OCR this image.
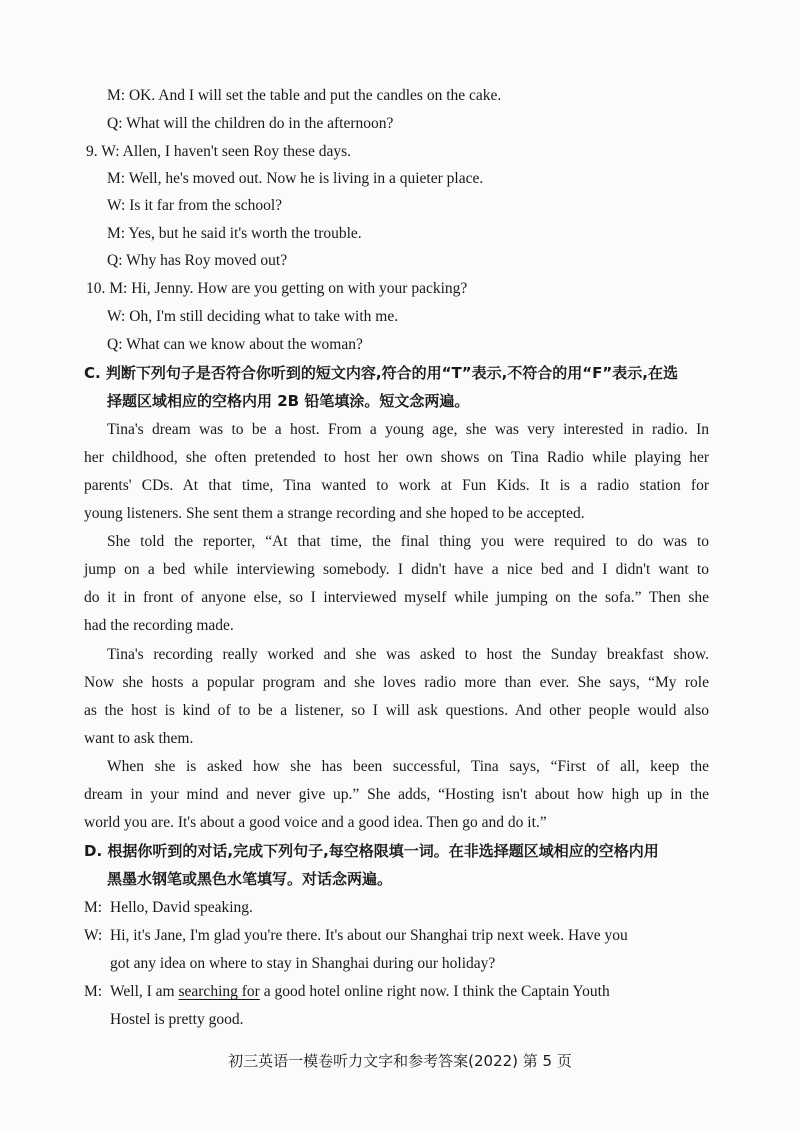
M: OK. And I will set the table and put the candles on the cake.
Q: What will the children do in the afternoon?
9. W: Allen, I haven't seen Roy these days.
M: Well, he's moved out. Now he is living in a quieter place.
W: Is it far from the school?
M: Yes, but he said it's worth the trouble.
Q: Why has Roy moved out?
10. M: Hi, Jenny. How are you getting on with your packing?
W: Oh, I'm still deciding what to take with me.
Q: What can we know about the woman?
C. 判断下列句子是否符合你听到的短文内容,符合的用“T”表示,不符合的用“F”表示,在选
择题区域相应的空格内用 2B 铅笔填涂。短文念两遍。
Tina's dream was to be a host. From a young age, she was very interested in radio. In
her childhood, she often pretended to host her own shows on Tina Radio while playing her
parents' CDs. At that time, Tina wanted to work at Fun Kids. It is a radio station for
young listeners. She sent them a strange recording and she hoped to be accepted.
She told the reporter, “At that time, the final thing you were required to do was to
jump on a bed while interviewing somebody. I didn't have a nice bed and I didn't want to
do it in front of anyone else, so I interviewed myself while jumping on the sofa.” Then she
had the recording made.
Tina's recording really worked and she was asked to host the Sunday breakfast show.
Now she hosts a popular program and she loves radio more than ever. She says, “My role
as the host is kind of to be a listener, so I will ask questions. And other people would also
want to ask them.
When she is asked how she has been successful, Tina says, “First of all, keep the
dream in your mind and never give up.” She adds, “Hosting isn't about how high up in the
world you are. It's about a good voice and a good idea. Then go and do it.”
D. 根据你听到的对话,完成下列句子,每空格限填一词。在非选择题区域相应的空格内用
黑墨水钢笔或黑色水笔填写。对话念两遍。
M: Hello, David speaking.
W: Hi, it's Jane, I'm glad you're there. It's about our Shanghai trip next week. Have you
got any idea on where to stay in Shanghai during our holiday?
M: Well, I am searching for a good hotel online right now. I think the Captain Youth
Hostel is pretty good.
初三英语一模卷听力文字和参考答案(2022) 第 5 页
